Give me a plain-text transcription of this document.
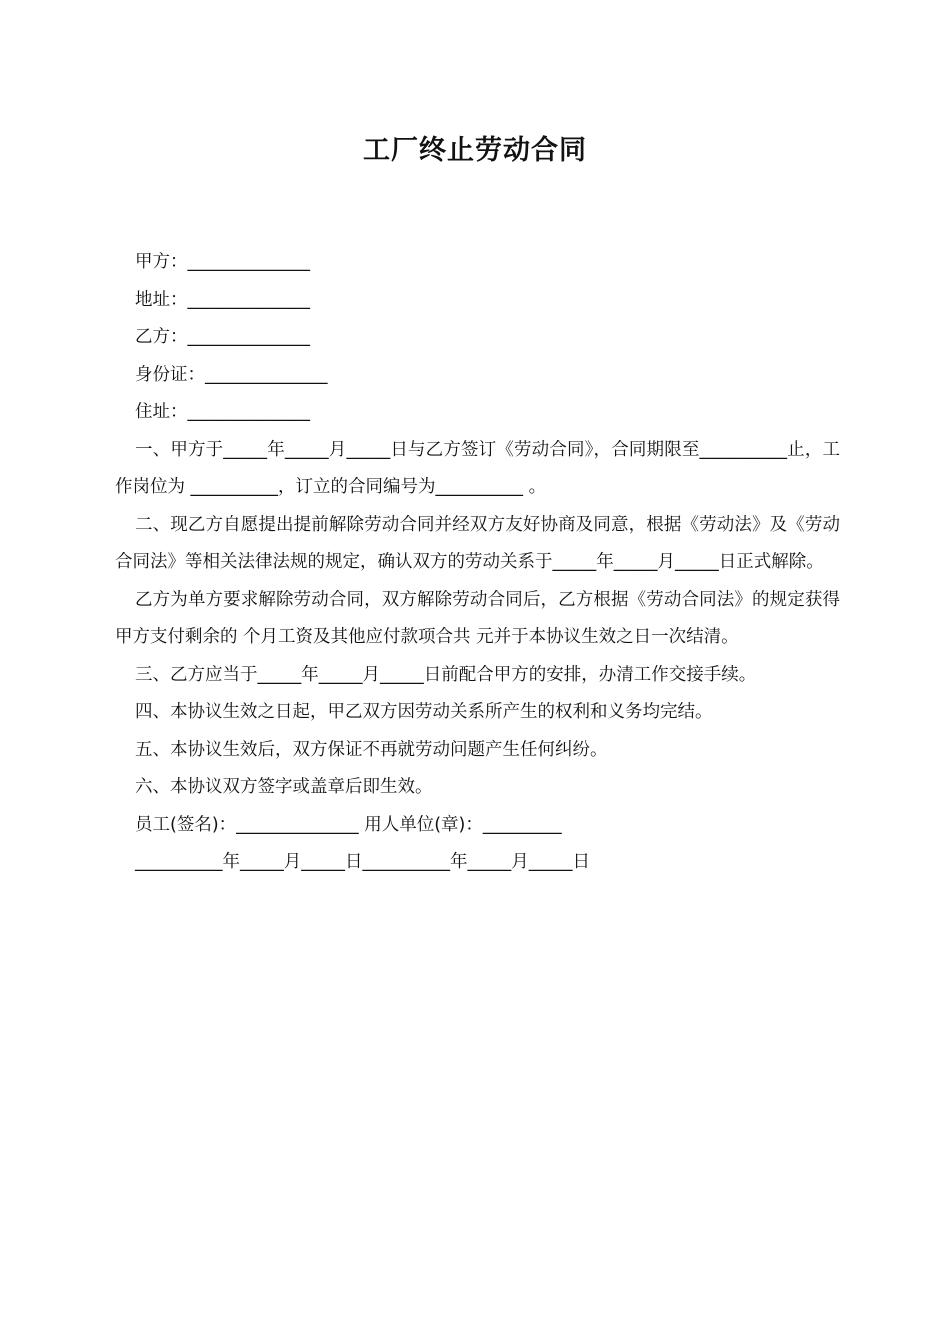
工厂终止劳动合同
甲方：______________
地址：______________
乙方：______________
身份证：______________
住址：______________
一、甲方于_____年_____月_____日与乙方签订《劳动合同》，合同期限至__________止，工作岗位为 __________，订立的合同编号为__________ 。
二、现乙方自愿提出提前解除劳动合同并经双方友好协商及同意，根据《劳动法》及《劳动合同法》等相关法律法规的规定，确认双方的劳动关系于_____年_____月_____日正式解除。
乙方为单方要求解除劳动合同，双方解除劳动合同后，乙方根据《劳动合同法》的规定获得甲方支付剩余的 个月工资及其他应付款项合共 元并于本协议生效之日一次结清。
三、乙方应当于_____年_____月_____日前配合甲方的安排，办清工作交接手续。
四、本协议生效之日起，甲乙双方因劳动关系所产生的权利和义务均完结。
五、本协议生效后，双方保证不再就劳动问题产生任何纠纷。
六、本协议双方签字或盖章后即生效。
员工(签名)：______________ 用人单位(章)：_________
__________年_____月_____日__________年_____月_____日
